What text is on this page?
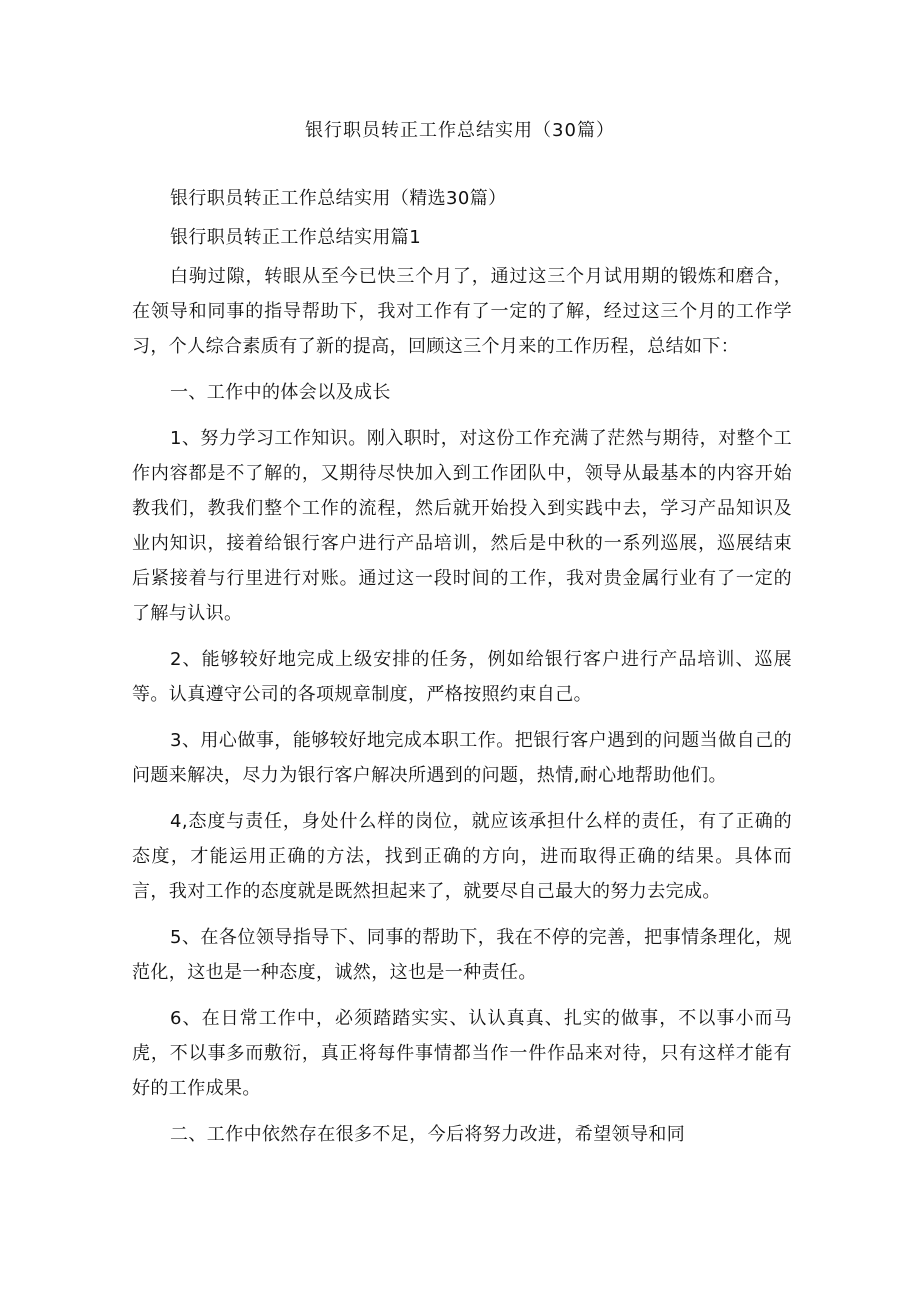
银行职员转正工作总结实用（30篇）

银行职员转正工作总结实用（精选30篇）

银行职员转正工作总结实用篇1

白驹过隙，转眼从至今已快三个月了，通过这三个月试用期的锻炼和磨合，在领导和同事的指导帮助下，我对工作有了一定的了解，经过这三个月的工作学习，个人综合素质有了新的提高，回顾这三个月来的工作历程，总结如下：

一、工作中的体会以及成长

1、努力学习工作知识。刚入职时，对这份工作充满了茫然与期待，对整个工作内容都是不了解的，又期待尽快加入到工作团队中，领导从最基本的内容开始教我们，教我们整个工作的流程，然后就开始投入到实践中去，学习产品知识及业内知识，接着给银行客户进行产品培训，然后是中秋的一系列巡展，巡展结束后紧接着与行里进行对账。通过这一段时间的工作，我对贵金属行业有了一定的了解与认识。

2、能够较好地完成上级安排的任务，例如给银行客户进行产品培训、巡展等。认真遵守公司的各项规章制度，严格按照约束自己。

3、用心做事，能够较好地完成本职工作。把银行客户遇到的问题当做自己的问题来解决，尽力为银行客户解决所遇到的问题，热情,耐心地帮助他们。

4,态度与责任，身处什么样的岗位，就应该承担什么样的责任，有了正确的态度，才能运用正确的方法，找到正确的方向，进而取得正确的结果。具体而言，我对工作的态度就是既然担起来了，就要尽自己最大的努力去完成。

5、在各位领导指导下、同事的帮助下，我在不停的完善，把事情条理化，规范化，这也是一种态度，诚然，这也是一种责任。

6、在日常工作中，必须踏踏实实、认认真真、扎实的做事，不以事小而马虎，不以事多而敷衍，真正将每件事情都当作一件作品来对待，只有这样才能有好的工作成果。

二、工作中依然存在很多不足，今后将努力改进，希望领导和同
